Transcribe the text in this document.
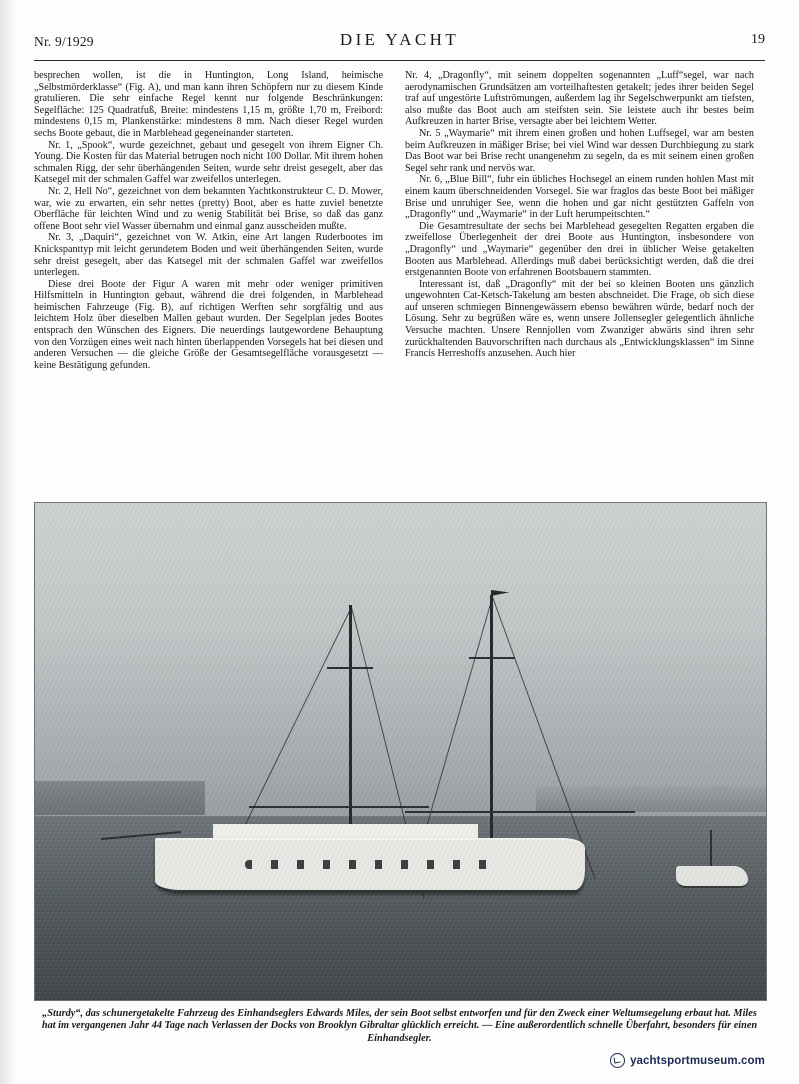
Nr. 9/1929	DIE YACHT	19

besprechen wollen, ist die in Huntington, Long Island, heimische „Selbstmörderklasse“ (Fig. A), und man kann ihren Schöpfern nur zu diesem Kinde gratulieren. Die sehr einfache Regel kennt nur folgende Beschränkungen: Segelfläche: 125 Quadratfuß, Breite: mindestens 1,15 m, größte 1,70 m, Freibord: mindestens 0,15 m, Plankenstärke: mindestens 8 mm. Nach dieser Regel wurden sechs Boote gebaut, die in Marblehead gegeneinander starteten.

Nr. 1, „Spook“, wurde gezeichnet, gebaut und gesegelt von ihrem Eigner Ch. Young. Die Kosten für das Material betrugen noch nicht 100 Dollar. Mit ihrem hohen schmalen Rigg, der sehr überhängenden Seiten, wurde sehr dreist gesegelt, aber das Katsegel mit der schmalen Gaffel war zweifellos unterlegen.

Nr. 2, Hell No“, gezeichnet von dem bekannten Yachtkonstrukteur C. D. Mower, war, wie zu erwarten, ein sehr nettes (pretty) Boot, aber es hatte zuviel benetzte Oberfläche für leichten Wind und zu wenig Stabilität bei Brise, so daß das ganz offene Boot sehr viel Wasser übernahm und einmal ganz ausscheiden mußte.

Nr. 3, „Daquiri“, gezeichnet von W. Atkin, eine Art langen Ruderbootes im Knickspanttyp mit leicht gerundetem Boden und weit überhängenden Seiten, wurde sehr dreist gesegelt, aber das Katsegel mit der schmalen Gaffel war zweifellos unterlegen.

Diese drei Boote der Figur A waren mit mehr oder weniger primitiven Hilfsmitteln in Huntington gebaut, während die drei folgenden, in Marblehead heimischen Fahrzeuge (Fig. B), auf richtigen Werften sehr sorgfältig und aus leichtem Holz über dieselben Mallen gebaut wurden. Der Segelplan jedes Bootes entsprach den Wünschen des Eigners. Die neuerdings lautgewordene Behauptung von den Vorzügen eines weit nach hinten überlappenden Vorsegels hat bei diesen und anderen Versuchen — die gleiche Größe der Gesamtsegelfläche vorausgesetzt — keine Bestätigung gefunden.

Nr. 4, „Dragonfly“, mit seinem doppelten sogenannten „Luff“segel, war nach aerodynamischen Grundsätzen am vorteilhaftesten getakelt; jedes ihrer beiden Segel traf auf ungestörte Luftströmungen, außerdem lag ihr Segelschwerpunkt am tiefsten, also mußte das Boot auch am steifsten sein. Sie leistete auch ihr bestes beim Aufkreuzen in harter Brise, versagte aber bei leichtem Wetter.

Nr. 5 „Waymarie“ mit ihrem einen großen und hohen Luffsegel, war am besten beim Aufkreuzen in mäßiger Brise; bei viel Wind war dessen Durchbiegung zu stark Das Boot war bei Brise recht unangenehm zu segeln, da es mit seinem einen großen Segel sehr rank und nervös war.

Nr. 6, „Blue Bill“, fuhr ein übliches Hochsegel an einem runden hohlen Mast mit einem kaum überschneidenden Vorsegel. Sie war fraglos das beste Boot bei mäßiger Brise und unruhiger See, wenn die hohen und gar nicht gestützten Gaffeln von „Dragonfly“ und „Waymarie“ in der Luft herumpeitschten.“

Die Gesamtresultate der sechs bei Marblehead gesegelten Regatten ergaben die zweifellose Überlegenheit der drei Boote aus Huntington, insbesondere von „Dragonfly“ und „Waymarie“ gegenüber den drei in üblicher Weise getakelten Booten aus Marblehead. Allerdings muß dabei berücksichtigt werden, daß die drei erstgenannten Boote von erfahrenen Bootsbauern stammten.

Interessant ist, daß „Dragonfly“ mit der bei so kleinen Booten uns gänzlich ungewohnten Cat-Ketsch-Takelung am besten abschneidet. Die Frage, ob sich diese auf unseren schmiegen Binnengewässern ebenso bewähren würde, bedarf noch der Lösung. Sehr zu begrüßen wäre es, wenn unsere Jollensegler gelegentlich ähnliche Versuche machten. Unsere Rennjollen vom Zwanziger abwärts sind ihren sehr zurückhaltenden Bauvorschriften nach durchaus als „Entwicklungsklassen“ im Sinne Francis Herreshoffs anzusehen. Auch hier

„Sturdy“, das schunergetakelte Fahrzeug des Einhandseglers Edwards Miles, der sein Boot selbst entworfen und für den Zweck einer Weltumsegelung erbaut hat. Miles hat im vergangenen Jahr 44 Tage nach Verlassen der Docks von Brooklyn Gibraltar glücklich erreicht. — Eine außerordentlich schnelle Überfahrt, besonders für einen Einhandsegler.
yachtsportmuseum.com
